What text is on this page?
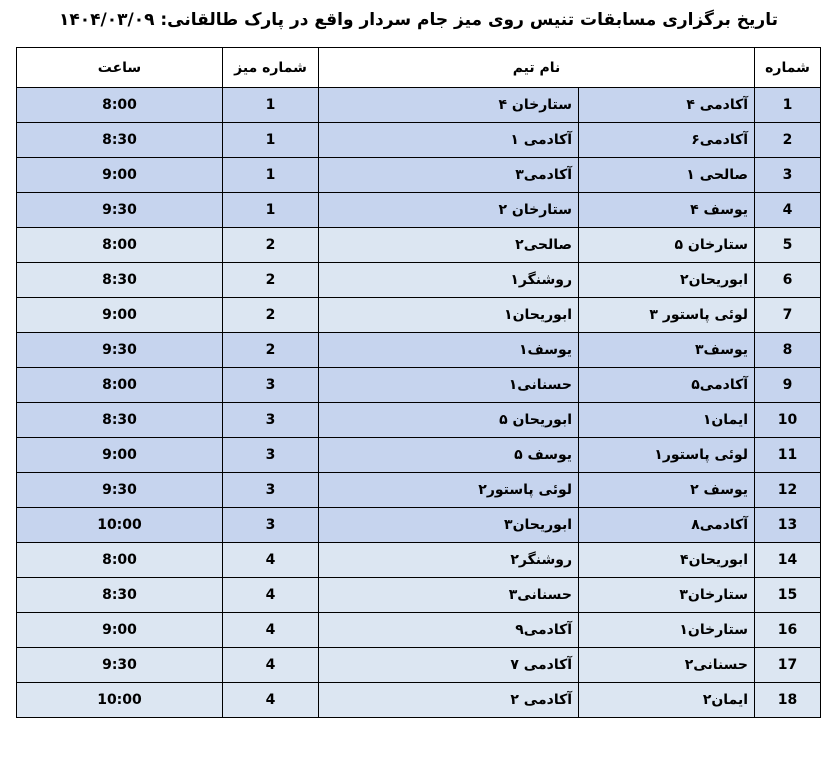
تاریخ برگزاری مسابقات تنیس روی میز جام سردار واقع در پارک طالقانی: ۱۴۰۴/۰۳/۰۹
شماره	نام تیم		شماره میز	ساعت
1	آکادمی ۴	ستارخان ۴	1	8:00
2	آکادمی۶	آکادمی ۱	1	8:30
3	صالحی ۱	آکادمی۳	1	9:00
4	یوسف ۴	ستارخان ۲	1	9:30
5	ستارخان ۵	صالحی۲	2	8:00
6	ابوریحان۲	روشنگر۱	2	8:30
7	لوئی پاستور ۳	ابوریحان۱	2	9:00
8	یوسف۳	یوسف۱	2	9:30
9	آکادمی۵	حسنانی۱	3	8:00
10	ایمان۱	ابوریحان ۵	3	8:30
11	لوئی پاستور۱	یوسف ۵	3	9:00
12	یوسف ۲	لوئی پاستور۲	3	9:30
13	آکادمی۸	ابوریحان۳	3	10:00
14	ابوریحان۴	روشنگر۲	4	8:00
15	ستارخان۳	حسنانی۳	4	8:30
16	ستارخان۱	آکادمی۹	4	9:00
17	حسنانی۲	آکادمی ۷	4	9:30
18	ایمان۲	آکادمی ۲	4	10:00
